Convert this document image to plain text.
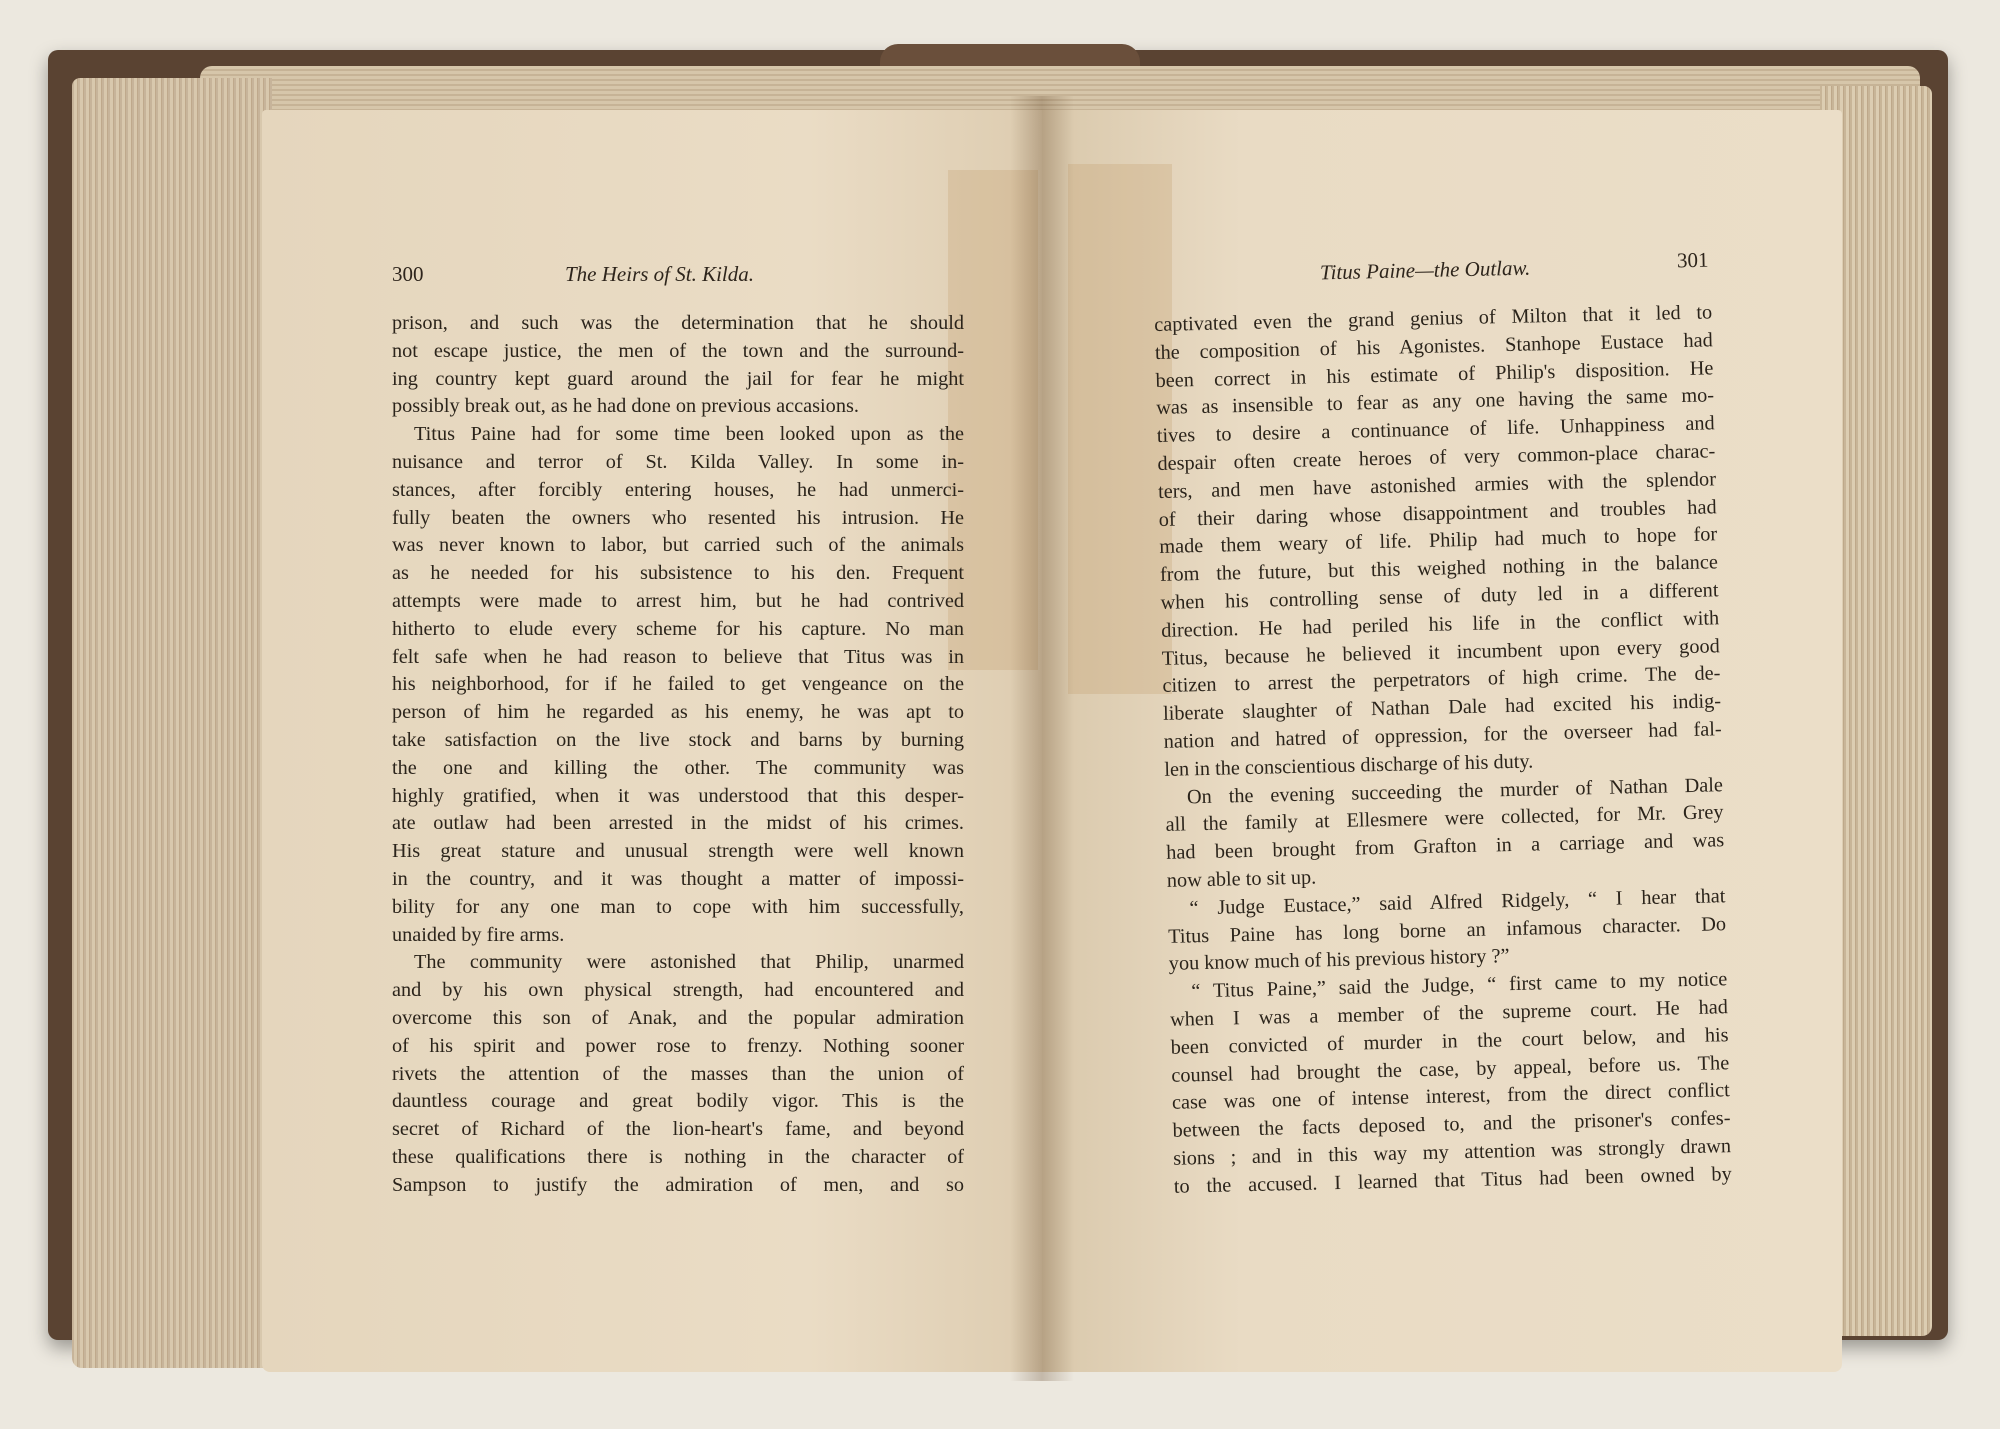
300	The Heirs of St. Kilda.

prison, and such was the determination that he should

not escape justice, the men of the town and the surround-

ing country kept guard around the jail for fear he might

possibly break out, as he had done on previous accasions.

Titus Paine had for some time been looked upon as the

nuisance and terror of St. Kilda Valley. In some in-

stances, after forcibly entering houses, he had unmerci-

fully beaten the owners who resented his intrusion. He

was never known to labor, but carried such of the animals

as he needed for his subsistence to his den. Frequent

attempts were made to arrest him, but he had contrived

hitherto to elude every scheme for his capture. No man

felt safe when he had reason to believe that Titus was in

his neighborhood, for if he failed to get vengeance on the

person of him he regarded as his enemy, he was apt to

take satisfaction on the live stock and barns by burning

the one and killing the other. The community was

highly gratified, when it was understood that this desper-

ate outlaw had been arrested in the midst of his crimes.

His great stature and unusual strength were well known

in the country, and it was thought a matter of impossi-

bility for any one man to cope with him successfully,

unaided by fire arms.

The community were astonished that Philip, unarmed

and by his own physical strength, had encountered and

overcome this son of Anak, and the popular admiration

of his spirit and power rose to frenzy. Nothing sooner

rivets the attention of the masses than the union of

dauntless courage and great bodily vigor. This is the

secret of Richard of the lion-heart's fame, and beyond

these qualifications there is nothing in the character of

Sampson to justify the admiration of men, and so

Titus Paine—the Outlaw.	301

captivated even the grand genius of Milton that it led to

the composition of his Agonistes. Stanhope Eustace had

been correct in his estimate of Philip's disposition. He

was as insensible to fear as any one having the same mo-

tives to desire a continuance of life. Unhappiness and

despair often create heroes of very common-place charac-

ters, and men have astonished armies with the splendor

of their daring whose disappointment and troubles had

made them weary of life. Philip had much to hope for

from the future, but this weighed nothing in the balance

when his controlling sense of duty led in a different

direction. He had periled his life in the conflict with

Titus, because he believed it incumbent upon every good

citizen to arrest the perpetrators of high crime. The de-

liberate slaughter of Nathan Dale had excited his indig-

nation and hatred of oppression, for the overseer had fal-

len in the conscientious discharge of his duty.

On the evening succeeding the murder of Nathan Dale

all the family at Ellesmere were collected, for Mr. Grey

had been brought from Grafton in a carriage and was

now able to sit up.

“ Judge Eustace,” said Alfred Ridgely, “ I hear that

Titus Paine has long borne an infamous character. Do

you know much of his previous history ?”

“ Titus Paine,” said the Judge, “ first came to my notice

when I was a member of the supreme court. He had

been convicted of murder in the court below, and his

counsel had brought the case, by appeal, before us. The

case was one of intense interest, from the direct conflict

between the facts deposed to, and the prisoner's confes-

sions ; and in this way my attention was strongly drawn

to the accused. I learned that Titus had been owned by
